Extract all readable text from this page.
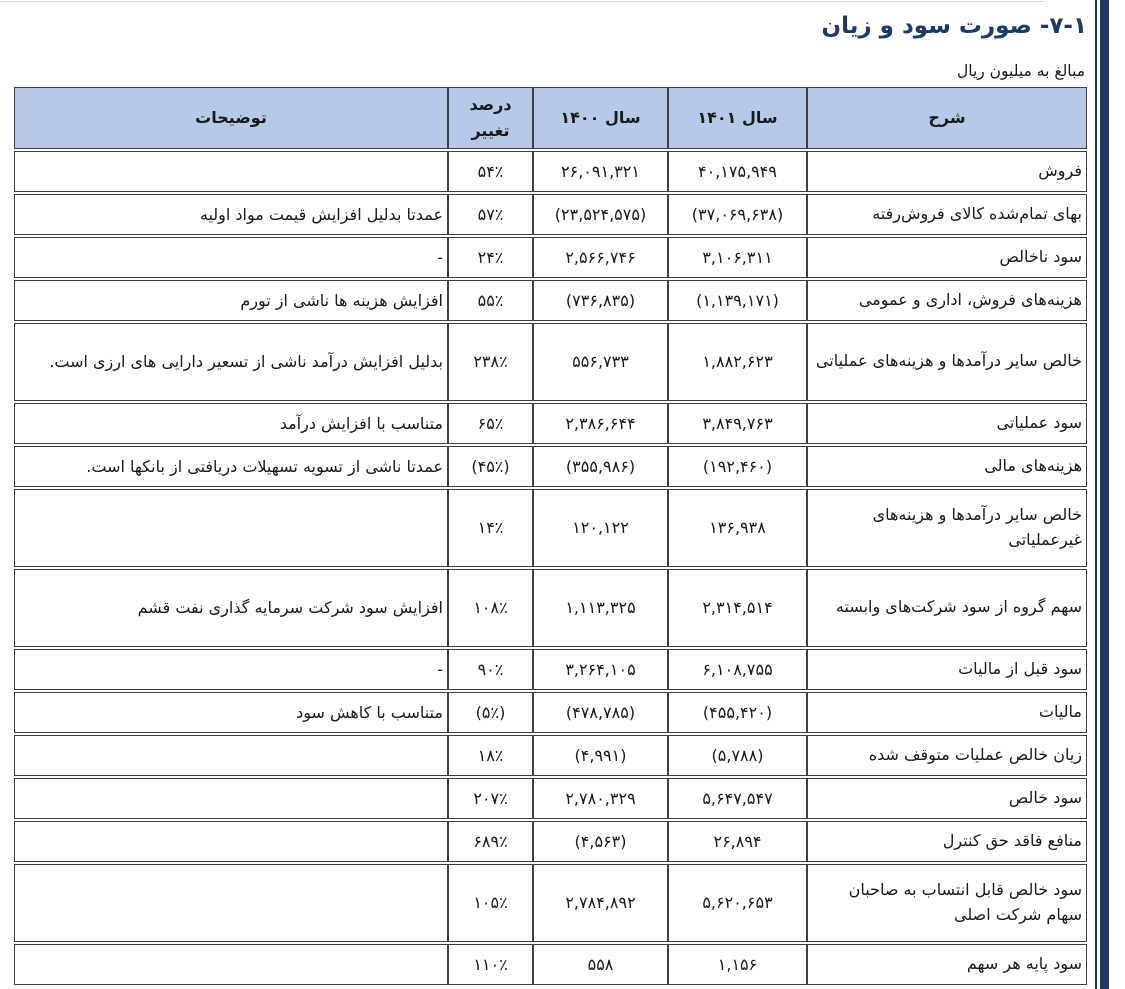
۷-۱- صورت سود و زیان
مبالغ به میلیون ریال
شرح	سال ۱۴۰۱	سال ۱۴۰۰	درصد تغییر	توضیحات
فروش	۴۰,۱۷۵,۹۴۹	۲۶,۰۹۱,۳۲۱	۵۴٪	
بهای تمام‌شده کالای فروش‌رفته	(۳۷,۰۶۹,۶۳۸)	(۲۳,۵۲۴,۵۷۵)	۵۷٪	عمدتا بدلیل افزایش قیمت مواد اولیه
سود ناخالص	۳,۱۰۶,۳۱۱	۲,۵۶۶,۷۴۶	۲۴٪	-
هزینه‌های فروش، اداری و عمومی	(۱,۱۳۹,۱۷۱)	(۷۳۶,۸۳۵)	۵۵٪	افزایش هزینه ها ناشی از تورم
خالص سایر درآمدها و هزینه‌های عملیاتی	۱,۸۸۲,۶۲۳	۵۵۶,۷۳۳	۲۳۸٪	بدلیل افزایش درآمد ناشی از تسعیر دارایی های ارزی است.
سود عملیاتی	۳,۸۴۹,۷۶۳	۲,۳۸۶,۶۴۴	۶۵٪	متناسب با افزایش درآمد
هزینه‌های مالی	(۱۹۲,۴۶۰)	(۳۵۵,۹۸۶)	(۴۵٪)	عمدتا ناشی از تسویه تسهیلات دریافتی از بانکها است.
خالص سایر درآمدها و هزینه‌های غیرعملیاتی	۱۳۶,۹۳۸	۱۲۰,۱۲۲	۱۴٪	
سهم گروه از سود شرکت‌های وابسته	۲,۳۱۴,۵۱۴	۱,۱۱۳,۳۲۵	۱۰۸٪	افزایش سود شرکت سرمایه گذاری نفت قشم
سود قبل از مالیات	۶,۱۰۸,۷۵۵	۳,۲۶۴,۱۰۵	۹۰٪	-
مالیات	(۴۵۵,۴۲۰)	(۴۷۸,۷۸۵)	(۵٪)	متناسب با کاهش سود
زیان خالص عملیات متوقف شده	(۵,۷۸۸)	(۴,۹۹۱)	۱۸٪	
سود خالص	۵,۶۴۷,۵۴۷	۲,۷۸۰,۳۲۹	۲۰۷٪	
منافع فاقد حق کنترل	۲۶,۸۹۴	(۴,۵۶۳)	۶۸۹٪	
سود خالص قابل انتساب به صاحبان سهام شرکت اصلی	۵,۶۲۰,۶۵۳	۲,۷۸۴,۸۹۲	۱۰۵٪	
سود پایه هر سهم	۱,۱۵۶	۵۵۸	۱۱۰٪	
